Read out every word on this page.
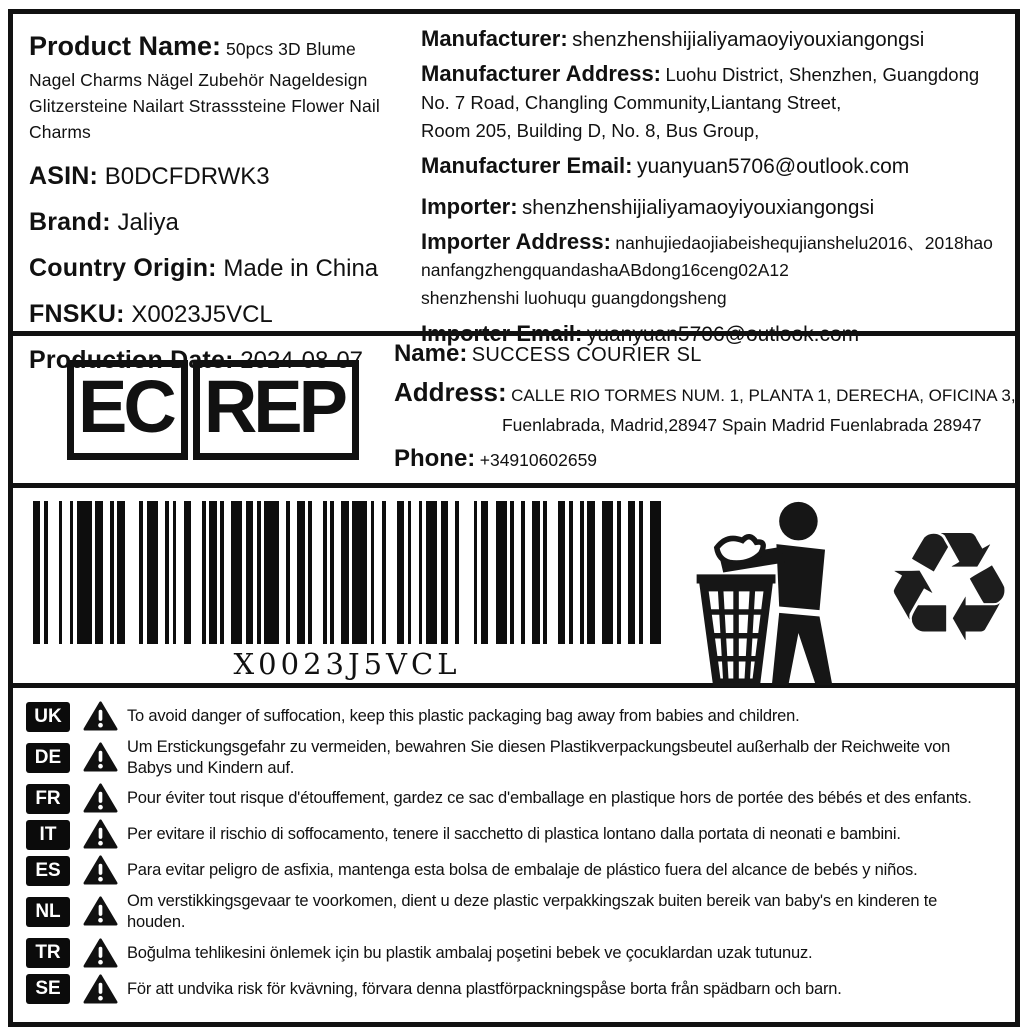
Product Name: 50pcs 3D Blume Nagel Charms Nägel Zubehör Nageldesign Glitzersteine Nailart Strasssteine Flower Nail Charms
ASIN: B0DCFDRWK3
Brand: Jaliya
Country Origin: Made in China
FNSKU: X0023J5VCL
Production Date: 2024-08-07
Manufacturer: shenzhenshijialiyamaoyiyouxiangongsi
Manufacturer Address: Luohu District, Shenzhen, Guangdong
No. 7 Road, Changling Community,Liantang Street,
Room 205, Building D, No. 8, Bus Group,
Manufacturer Email: yuanyuan5706@outlook.com
Importer: shenzhenshijialiyamaoyiyouxiangongsi
Importer Address: nanhujiedaojiabeishequjianshelu2016、2018hao
nanfangzhengquandashaABdong16ceng02A12
shenzhenshi luohuqu guangdongsheng
Importer Email: yuanyuan5706@outlook.com
EC REP
Name: SUCCESS COURIER SL
Address: CALLE RIO TORMES NUM. 1, PLANTA 1, DERECHA, OFICINA 3,
Fuenlabrada, Madrid,28947 Spain Madrid Fuenlabrada 28947
Phone: +34910602659
X0023J5VCL	♻
UK	To avoid danger of suffocation, keep this plastic packaging bag away from babies and children.
DE	Um Erstickungsgefahr zu vermeiden, bewahren Sie diesen Plastikverpackungsbeutel außerhalb der Reichweite von Babys und Kindern auf.
FR	Pour éviter tout risque d'étouffement, gardez ce sac d'emballage en plastique hors de portée des bébés et des enfants.
IT	Per evitare il rischio di soffocamento, tenere il sacchetto di plastica lontano dalla portata di neonati e bambini.
ES	Para evitar peligro de asfixia, mantenga esta bolsa de embalaje de plástico fuera del alcance de bebés y niños.
NL	Om verstikkingsgevaar te voorkomen, dient u deze plastic verpakkingszak buiten bereik van baby's en kinderen te houden.
TR	Boğulma tehlikesini önlemek için bu plastik ambalaj poşetini bebek ve çocuklardan uzak tutunuz.
SE	För att undvika risk för kvävning, förvara denna plastförpackningspåse borta från spädbarn och barn.
